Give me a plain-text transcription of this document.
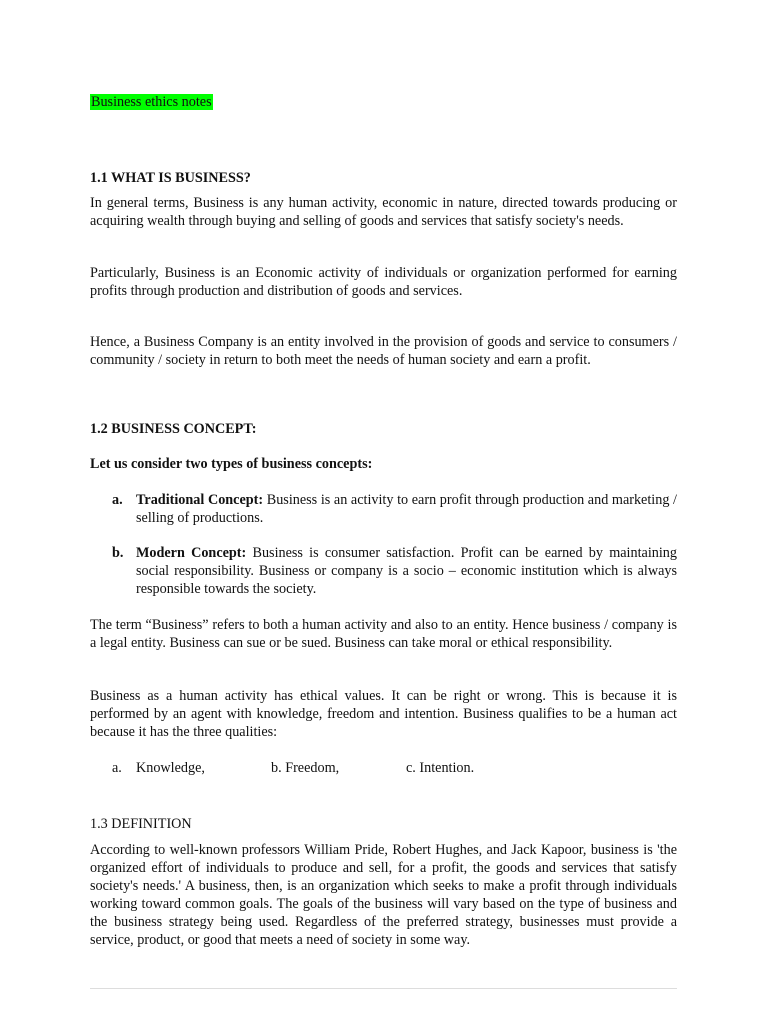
Business ethics notes

1.1 WHAT IS BUSINESS?

In general terms, Business is any human activity, economic in nature, directed towards producing or acquiring wealth through buying and selling of goods and services that satisfy society's needs.

Particularly, Business is an Economic activity of individuals or organization performed for earning profits through production and distribution of goods and services.

Hence, a Business Company is an entity involved in the provision of goods and service to consumers / community / society in return to both meet the needs of human society and earn a profit.

1.2 BUSINESS CONCEPT:

Let us consider two types of business concepts:

a. Traditional Concept: Business is an activity to earn profit through production and marketing / selling of productions.

b. Modern Concept: Business is consumer satisfaction. Profit can be earned by maintaining social responsibility. Business or company is a socio – economic institution which is always responsible towards the society.

The term “Business” refers to both a human activity and also to an entity. Hence business / company is a legal entity. Business can sue or be sued. Business can take moral or ethical responsibility.

Business as a human activity has ethical values. It can be right or wrong. This is because it is performed by an agent with knowledge, freedom and intention. Business qualifies to be a human act because it has the three qualities:

a. Knowledge,	b. Freedom,	c. Intention.

1.3 DEFINITION

According to well-known professors William Pride, Robert Hughes, and Jack Kapoor, business is 'the organized effort of individuals to produce and sell, for a profit, the goods and services that satisfy society's needs.' A business, then, is an organization which seeks to make a profit through individuals working toward common goals. The goals of the business will vary based on the type of business and the business strategy being used. Regardless of the preferred strategy, businesses must provide a service, product, or good that meets a need of society in some way.
